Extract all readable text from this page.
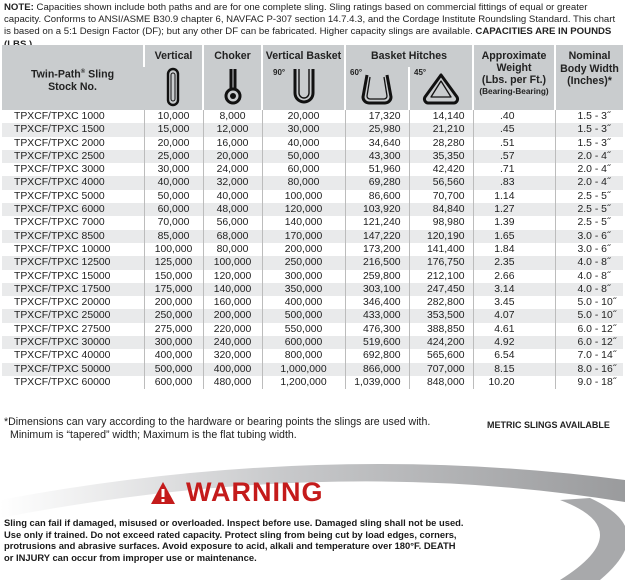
NOTE: Capacities shown include both paths and are for one complete sling. Sling ratings based on commercial fittings of equal or greater capacity. Conforms to ANSI/ASME B30.9 chapter 6, NAVFAC P-307 section 14.7.4.3, and the Cordage Institute Roundsling Standard. This chart is based on a 5:1 Design Factor (DF); but any other DF can be fabricated. Higher capacity slings are available. CAPACITIES ARE IN POUNDS
Twin-Path® Sling
Stock No.	Vertical	Choker	Vertical Basket	Basket Hitches		Approximate
Weight
(Lbs. per Ft.)
(Bearing-Bearing)	Nominal
Body Width
(Inches)*

90°	60°	45°		

TPXCF/TPXC 1000	10,000	8,000	20,000	17,320	14,140	.40	1.5 - 3˝
TPXCF/TPXC 1500	15,000	12,000	30,000	25,980	21,210	.45	1.5 - 3˝
TPXCF/TPXC 2000	20,000	16,000	40,000	34,640	28,280	.51	1.5 - 3˝
TPXCF/TPXC 2500	25,000	20,000	50,000	43,300	35,350	.57	2.0 - 4˝
TPXCF/TPXC 3000	30,000	24,000	60,000	51,960	42,420	.71	2.0 - 4˝
TPXCF/TPXC 4000	40,000	32,000	80,000	69,280	56,560	.83	2.0 - 4˝
TPXCF/TPXC 5000	50,000	40,000	100,000	86,600	70,700	1.14	2.5 - 5˝
TPXCF/TPXC 6000	60,000	48,000	120,000	103,920	84,840	1.27	2.5 - 5˝
TPXCF/TPXC 7000	70,000	56,000	140,000	121,240	98,980	1.39	2.5 - 5˝
TPXCF/TPXC 8500	85,000	68,000	170,000	147,220	120,190	1.65	3.0 - 6˝
TPXCF/TPXC 10000	100,000	80,000	200,000	173,200	141,400	1.84	3.0 - 6˝
TPXCF/TPXC 12500	125,000	100,000	250,000	216,500	176,750	2.35	4.0 - 8˝
TPXCF/TPXC 15000	150,000	120,000	300,000	259,800	212,100	2.66	4.0 - 8˝
TPXCF/TPXC 17500	175,000	140,000	350,000	303,100	247,450	3.14	4.0 - 8˝
TPXCF/TPXC 20000	200,000	160,000	400,000	346,400	282,800	3.45	5.0 - 10˝
TPXCF/TPXC 25000	250,000	200,000	500,000	433,000	353,500	4.07	5.0 - 10˝
TPXCF/TPXC 27500	275,000	220,000	550,000	476,300	388,850	4.61	6.0 - 12˝
TPXCF/TPXC 30000	300,000	240,000	600,000	519,600	424,200	4.92	6.0 - 12˝
TPXCF/TPXC 40000	400,000	320,000	800,000	692,800	565,600	6.54	7.0 - 14˝
TPXCF/TPXC 50000	500,000	400,000	1,000,000	866,000	707,000	8.15	8.0 - 16˝
TPXCF/TPXC 60000	600,000	480,000	1,200,000	1,039,000	848,000	10.20	9.0 - 18˝
*Dimensions can vary according to the hardware or bearing points the slings are used with.
Minimum is “tapered” width; Maximum is the flat tubing width.
METRIC SLINGS AVAILABLE
WARNING
Sling can fail if damaged, misused or overloaded. Inspect before use. Damaged sling shall not be used.
Use only if trained. Do not exceed rated capacity. Protect sling from being cut by load edges, corners,
protrusions and abrasive surfaces. Avoid exposure to acid, alkali and temperature over 180°F. DEATH
or INJURY can occur from improper use or maintenance.
